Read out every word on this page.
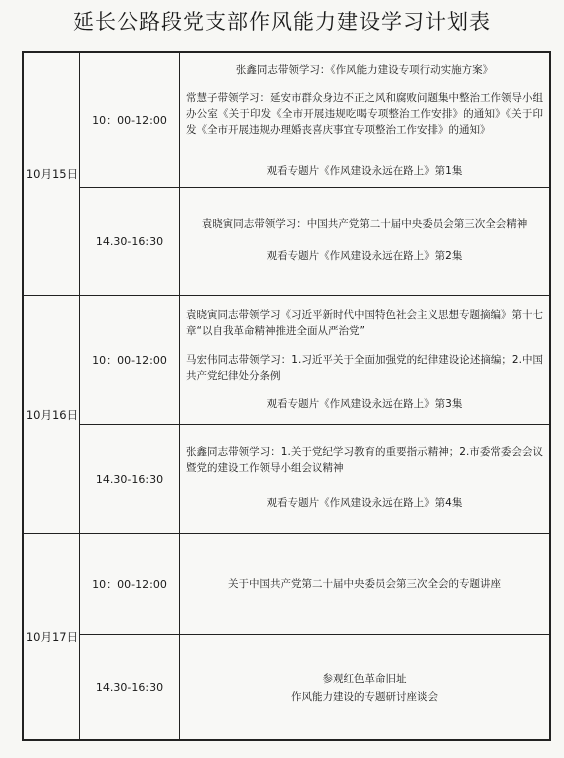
延长公路段党支部作风能力建设学习计划表
10月15日
10月16日
10月17日
10：00-12:00
张鑫同志带领学习：《作风能力建设专项行动实施方案》
常慧子带领学习：延安市群众身边不正之风和腐败问题集中整治工作领导小组办公室《关于印发《全市开展违规吃喝专项整治工作安排》的通知》《关于印发《全市开展违规办理婚丧喜庆事宜专项整治工作安排》的通知》
观看专题片《作风建设永远在路上》第1集
14.30-16:30
袁晓寅同志带领学习：中国共产党第二十届中央委员会第三次全会精神
观看专题片《作风建设永远在路上》第2集
10：00-12:00
袁晓寅同志带领学习《习近平新时代中国特色社会主义思想专题摘编》第十七章“以自我革命精神推进全面从严治党”
马宏伟同志带领学习：1.习近平关于全面加强党的纪律建设论述摘编；2.中国共产党纪律处分条例
观看专题片《作风建设永远在路上》第3集
14.30-16:30
张鑫同志带领学习：1.关于党纪学习教育的重要指示精神；2.市委常委会会议暨党的建设工作领导小组会议精神
观看专题片《作风建设永远在路上》第4集
10：00-12:00	关于中国共产党第二十届中央委员会第三次全会的专题讲座
14.30-16:30
参观红色革命旧址
作风能力建设的专题研讨座谈会
